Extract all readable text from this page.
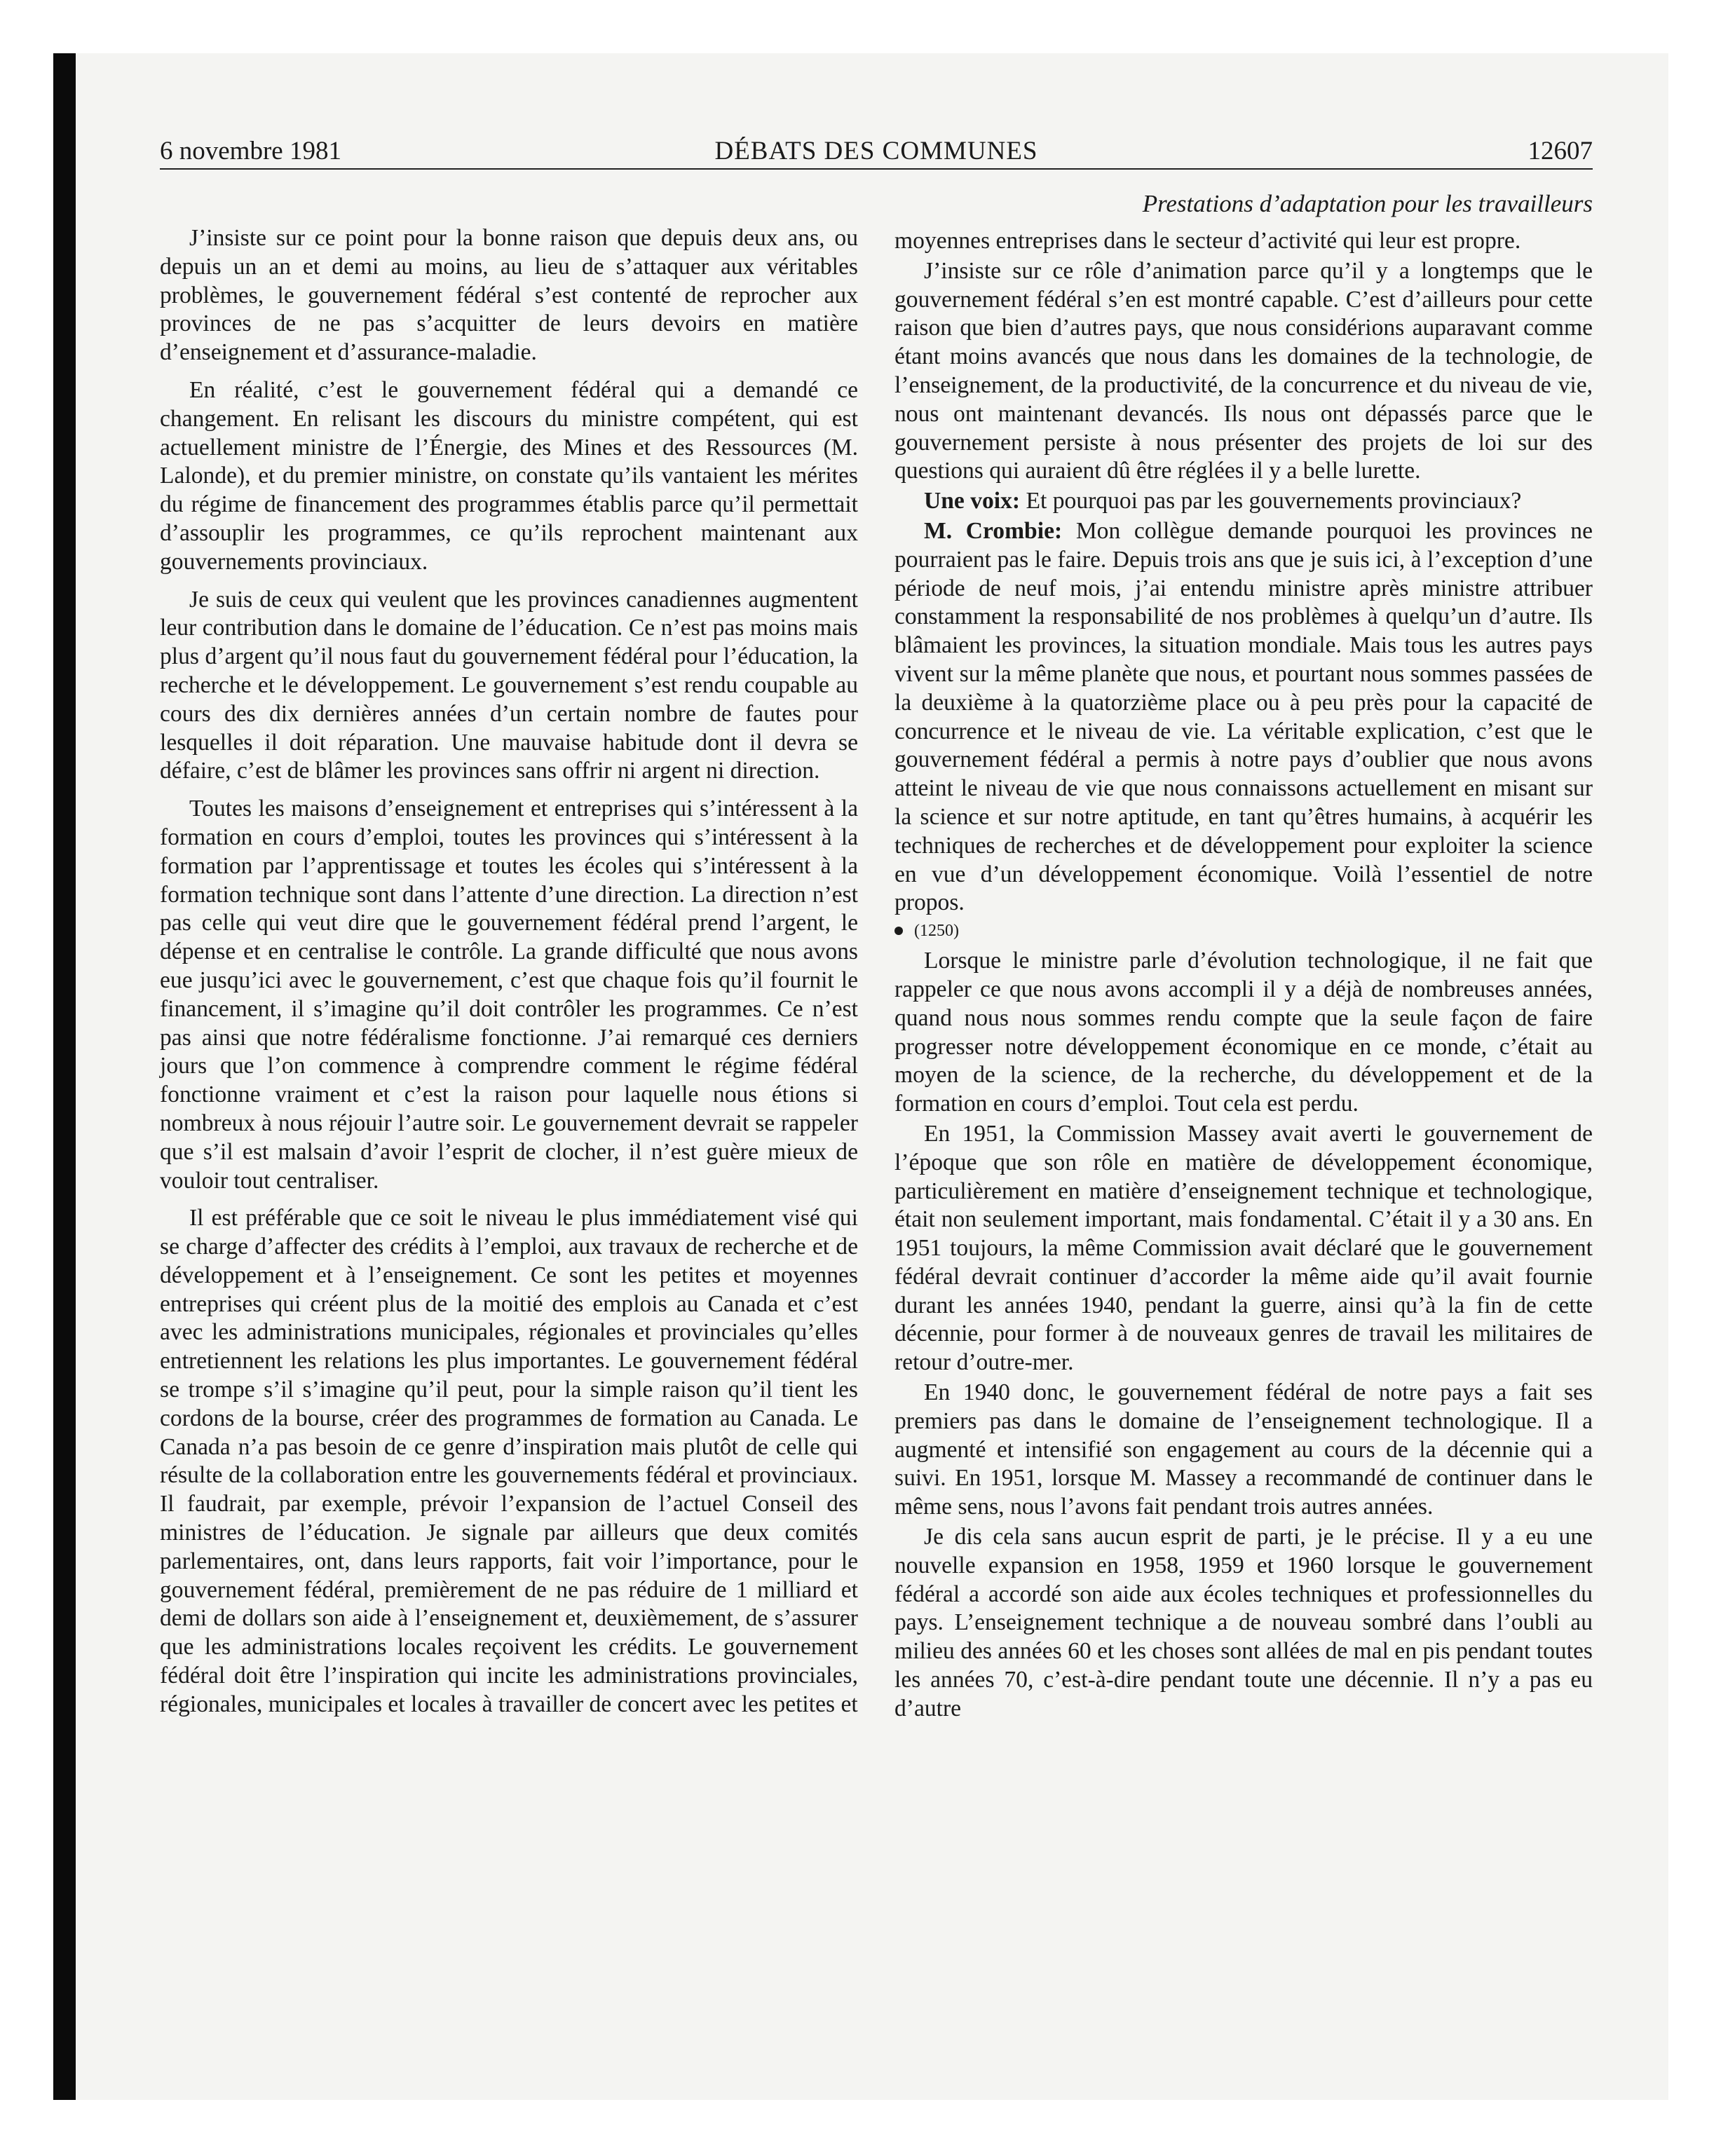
6 novembre 1981	DÉBATS DES COMMUNES	12607
Prestations d’adaptation pour les travailleurs

J’insiste sur ce point pour la bonne raison que depuis deux ans, ou depuis un an et demi au moins, au lieu de s’attaquer aux véritables problèmes, le gouvernement fédéral s’est contenté de reprocher aux provinces de ne pas s’acquitter de leurs devoirs en matière d’enseignement et d’assurance-maladie.

En réalité, c’est le gouvernement fédéral qui a demandé ce changement. En relisant les discours du ministre compétent, qui est actuellement ministre de l’Énergie, des Mines et des Ressources (M. Lalonde), et du premier ministre, on constate qu’ils vantaient les mérites du régime de financement des programmes établis parce qu’il permettait d’assouplir les programmes, ce qu’ils reprochent maintenant aux gouvernements provinciaux.

Je suis de ceux qui veulent que les provinces canadiennes augmentent leur contribution dans le domaine de l’éducation. Ce n’est pas moins mais plus d’argent qu’il nous faut du gouvernement fédéral pour l’éducation, la recherche et le développement. Le gouvernement s’est rendu coupable au cours des dix dernières années d’un certain nombre de fautes pour lesquelles il doit réparation. Une mauvaise habitude dont il devra se défaire, c’est de blâmer les provinces sans offrir ni argent ni direction.

Toutes les maisons d’enseignement et entreprises qui s’intéressent à la formation en cours d’emploi, toutes les provinces qui s’intéressent à la formation par l’apprentissage et toutes les écoles qui s’intéressent à la formation technique sont dans l’attente d’une direction. La direction n’est pas celle qui veut dire que le gouvernement fédéral prend l’argent, le dépense et en centralise le contrôle. La grande difficulté que nous avons eue jusqu’ici avec le gouvernement, c’est que chaque fois qu’il fournit le financement, il s’imagine qu’il doit contrôler les programmes. Ce n’est pas ainsi que notre fédéralisme fonctionne. J’ai remarqué ces derniers jours que l’on commence à comprendre comment le régime fédéral fonctionne vraiment et c’est la raison pour laquelle nous étions si nombreux à nous réjouir l’autre soir. Le gouvernement devrait se rappeler que s’il est malsain d’avoir l’esprit de clocher, il n’est guère mieux de vouloir tout centraliser.

Il est préférable que ce soit le niveau le plus immédiatement visé qui se charge d’affecter des crédits à l’emploi, aux travaux de recherche et de développement et à l’enseignement. Ce sont les petites et moyennes entreprises qui créent plus de la moitié des emplois au Canada et c’est avec les administrations municipales, régionales et provinciales qu’elles entretiennent les relations les plus importantes. Le gouvernement fédéral se trompe s’il s’imagine qu’il peut, pour la simple raison qu’il tient les cordons de la bourse, créer des programmes de formation au Canada. Le Canada n’a pas besoin de ce genre d’inspiration mais plutôt de celle qui résulte de la collaboration entre les gouvernements fédéral et provinciaux. Il faudrait, par exemple, prévoir l’expansion de l’actuel Conseil des ministres de l’éducation. Je signale par ailleurs que deux comités parlementaires, ont, dans leurs rapports, fait voir l’importance, pour le gouvernement fédéral, premièrement de ne pas réduire de 1 milliard et demi de dollars son aide à l’enseignement et, deuxièmement, de s’assurer que les administrations locales reçoivent les crédits. Le gouvernement fédéral doit être l’inspiration qui incite les administrations provinciales, régionales, municipales et locales à travailler de concert avec les petites et

moyennes entreprises dans le secteur d’activité qui leur est propre.

J’insiste sur ce rôle d’animation parce qu’il y a longtemps que le gouvernement fédéral s’en est montré capable. C’est d’ailleurs pour cette raison que bien d’autres pays, que nous considérions auparavant comme étant moins avancés que nous dans les domaines de la technologie, de l’enseignement, de la productivité, de la concurrence et du niveau de vie, nous ont maintenant devancés. Ils nous ont dépassés parce que le gouvernement persiste à nous présenter des projets de loi sur des questions qui auraient dû être réglées il y a belle lurette.

Une voix: Et pourquoi pas par les gouvernements provinciaux?

M. Crombie: Mon collègue demande pourquoi les provinces ne pourraient pas le faire. Depuis trois ans que je suis ici, à l’exception d’une période de neuf mois, j’ai entendu ministre après ministre attribuer constamment la responsabilité de nos problèmes à quelqu’un d’autre. Ils blâmaient les provinces, la situation mondiale. Mais tous les autres pays vivent sur la même planète que nous, et pourtant nous sommes passées de la deuxième à la quatorzième place ou à peu près pour la capacité de concurrence et le niveau de vie. La véritable explication, c’est que le gouvernement fédéral a permis à notre pays d’oublier que nous avons atteint le niveau de vie que nous connaissons actuellement en misant sur la science et sur notre aptitude, en tant qu’êtres humains, à acquérir les techniques de recherches et de développement pour exploiter la science en vue d’un développement économique. Voilà l’essentiel de notre propos.

(1250)

Lorsque le ministre parle d’évolution technologique, il ne fait que rappeler ce que nous avons accompli il y a déjà de nombreuses années, quand nous nous sommes rendu compte que la seule façon de faire progresser notre développement économique en ce monde, c’était au moyen de la science, de la recherche, du développement et de la formation en cours d’emploi. Tout cela est perdu.

En 1951, la Commission Massey avait averti le gouvernement de l’époque que son rôle en matière de développement économique, particulièrement en matière d’enseignement technique et technologique, était non seulement important, mais fondamental. C’était il y a 30 ans. En 1951 toujours, la même Commission avait déclaré que le gouvernement fédéral devrait continuer d’accorder la même aide qu’il avait fournie durant les années 1940, pendant la guerre, ainsi qu’à la fin de cette décennie, pour former à de nouveaux genres de travail les militaires de retour d’outre-mer.

En 1940 donc, le gouvernement fédéral de notre pays a fait ses premiers pas dans le domaine de l’enseignement technologique. Il a augmenté et intensifié son engagement au cours de la décennie qui a suivi. En 1951, lorsque M. Massey a recommandé de continuer dans le même sens, nous l’avons fait pendant trois autres années.

Je dis cela sans aucun esprit de parti, je le précise. Il y a eu une nouvelle expansion en 1958, 1959 et 1960 lorsque le gouvernement fédéral a accordé son aide aux écoles techniques et professionnelles du pays. L’enseignement technique a de nouveau sombré dans l’oubli au milieu des années 60 et les choses sont allées de mal en pis pendant toutes les années 70, c’est-à-dire pendant toute une décennie. Il n’y a pas eu d’autre
